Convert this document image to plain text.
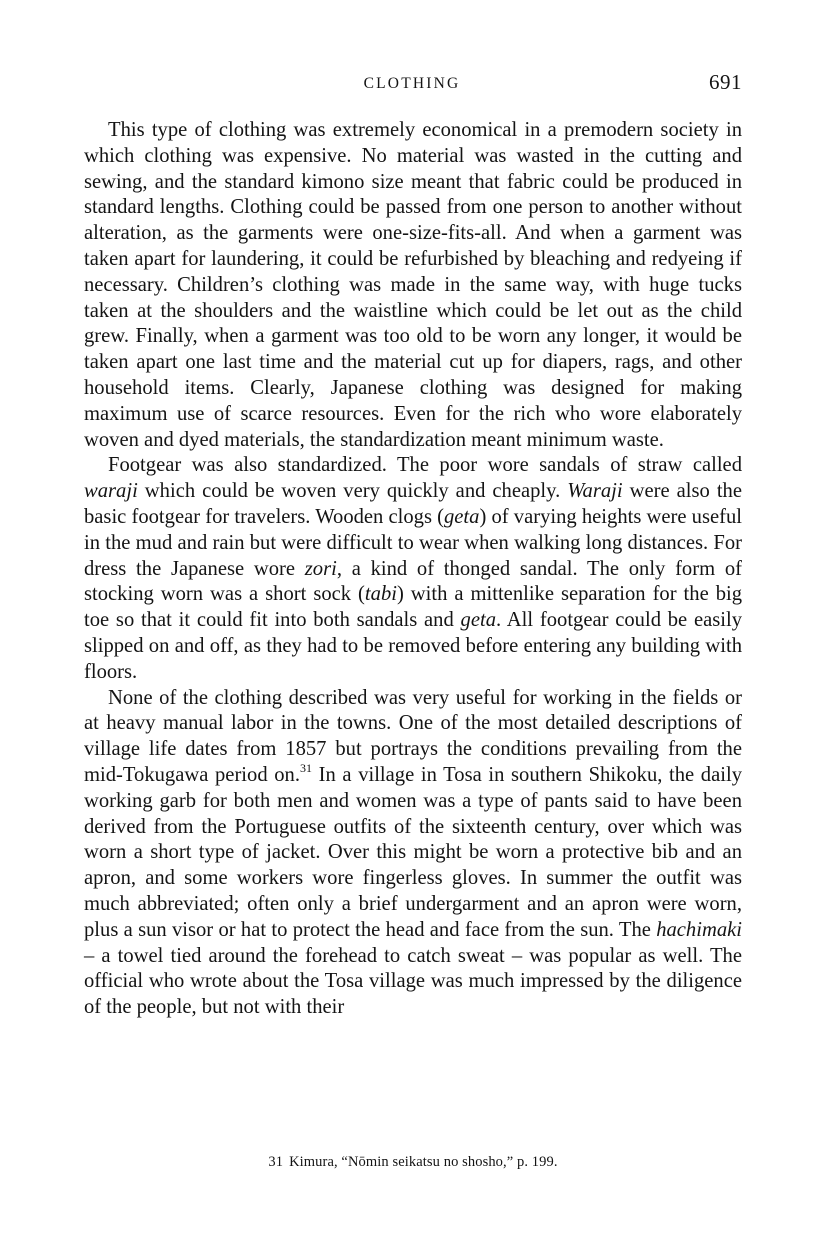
CLOTHING	691

This type of clothing was extremely economical in a premodern society in which clothing was expensive. No material was wasted in the cutting and sewing, and the standard kimono size meant that fabric could be produced in standard lengths. Clothing could be passed from one person to another without alteration, as the garments were one-size-fits-all. And when a garment was taken apart for laundering, it could be refurbished by bleaching and redyeing if necessary. Children’s clothing was made in the same way, with huge tucks taken at the shoulders and the waistline which could be let out as the child grew. Finally, when a garment was too old to be worn any longer, it would be taken apart one last time and the material cut up for diapers, rags, and other household items. Clearly, Japanese clothing was designed for making maximum use of scarce resources. Even for the rich who wore elaborately woven and dyed materials, the standardization meant minimum waste.

Footgear was also standardized. The poor wore sandals of straw called waraji which could be woven very quickly and cheaply. Waraji were also the basic footgear for travelers. Wooden clogs (geta) of varying heights were useful in the mud and rain but were difficult to wear when walking long distances. For dress the Japanese wore zori, a kind of thonged sandal. The only form of stocking worn was a short sock (tabi) with a mittenlike separation for the big toe so that it could fit into both sandals and geta. All footgear could be easily slipped on and off, as they had to be removed before entering any building with floors.

None of the clothing described was very useful for working in the fields or at heavy manual labor in the towns. One of the most detailed descriptions of village life dates from 1857 but portrays the conditions prevailing from the mid-Tokugawa period on.$^{31}$ In a village in Tosa in southern Shikoku, the daily working garb for both men and women was a type of pants said to have been derived from the Portuguese outfits of the sixteenth century, over which was worn a short type of jacket. Over this might be worn a protective bib and an apron, and some workers wore fingerless gloves. In summer the outfit was much abbreviated; often only a brief undergarment and an apron were worn, plus a sun visor or hat to protect the head and face from the sun. The hachimaki – a towel tied around the forehead to catch sweat – was popular as well. The official who wrote about the Tosa village was much impressed by the diligence of the people, but not with their

31 Kimura, “Nōmin seikatsu no shosho,” p. 199.
